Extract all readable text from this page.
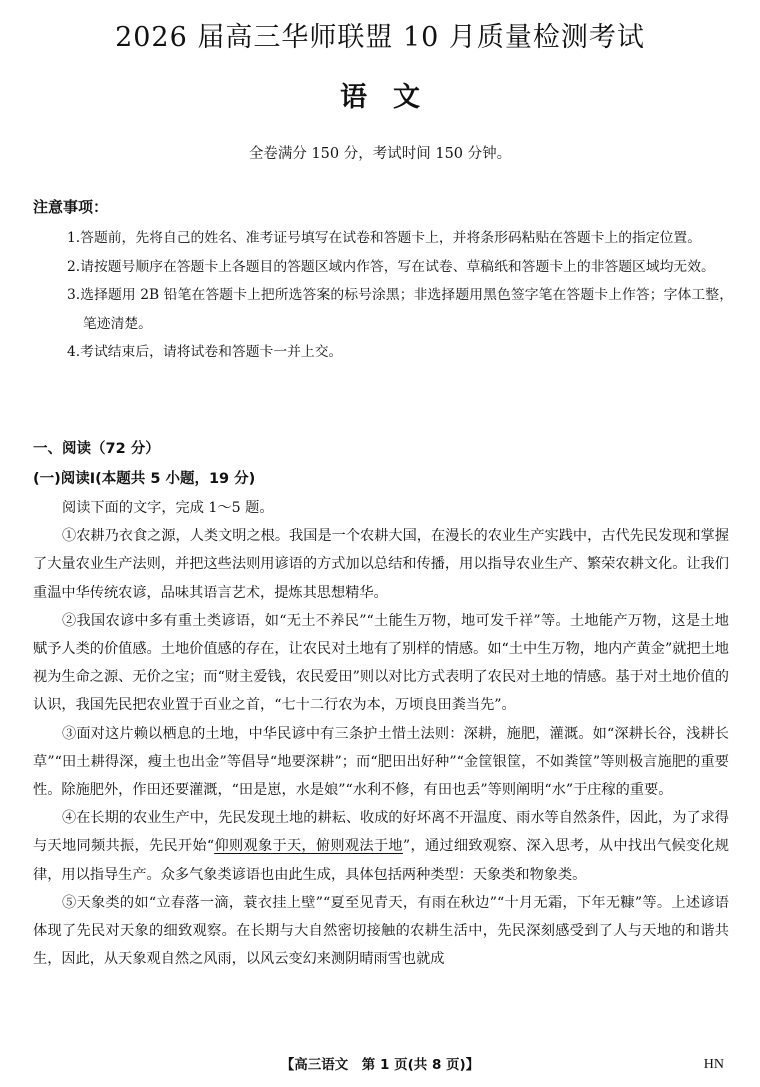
2026 届高三华师联盟 10 月质量检测考试
语文
全卷满分 150 分，考试时间 150 分钟。
注意事项：

1.答题前，先将自己的姓名、准考证号填写在试卷和答题卡上，并将条形码粘贴在答题卡上的指定位置。

2.请按题号顺序在答题卡上各题目的答题区域内作答，写在试卷、草稿纸和答题卡上的非答题区域均无效。

3.选择题用 2B 铅笔在答题卡上把所选答案的标号涂黑；非选择题用黑色签字笔在答题卡上作答；字体工整，笔迹清楚。

4.考试结束后，请将试卷和答题卡一并上交。

一、阅读（72 分）
(一)阅读Ⅰ(本题共 5 小题，19 分)

阅读下面的文字，完成 1～5 题。

①农耕乃衣食之源，人类文明之根。我国是一个农耕大国，在漫长的农业生产实践中，古代先民发现和掌握了大量农业生产法则，并把这些法则用谚语的方式加以总结和传播，用以指导农业生产、繁荣农耕文化。让我们重温中华传统农谚，品味其语言艺术，提炼其思想精华。

②我国农谚中多有重土类谚语，如“无土不养民”“土能生万物，地可发千祥”等。土地能产万物，这是土地赋予人类的价值感。土地价值感的存在，让农民对土地有了别样的情感。如“土中生万物，地内产黄金”就把土地视为生命之源、无价之宝；而“财主爱钱，农民爱田”则以对比方式表明了农民对土地的情感。基于对土地价值的认识，我国先民把农业置于百业之首，“七十二行农为本，万顷良田粪当先”。

③面对这片赖以栖息的土地，中华民谚中有三条护土惜土法则：深耕，施肥，灌溉。如“深耕长谷，浅耕长草”“田土耕得深，瘦土也出金”等倡导“地要深耕”；而“肥田出好种”“金筐银筐，不如粪筐”等则极言施肥的重要性。除施肥外，作田还要灌溉，“田是崽，水是娘”“水利不修，有田也丢”等则阐明“水”于庄稼的重要。

④在长期的农业生产中，先民发现土地的耕耘、收成的好坏离不开温度、雨水等自然条件，因此，为了求得与天地同频共振，先民开始“仰则观象于天，俯则观法于地”，通过细致观察、深入思考，从中找出气候变化规律，用以指导生产。众多气象类谚语也由此生成，具体包括两种类型：天象类和物象类。

⑤天象类的如“立春落一滴，蓑衣挂上壁”“夏至见青天，有雨在秋边”“十月无霜，下年无糠”等。上述谚语体现了先民对天象的细致观察。在长期与大自然密切接触的农耕生活中，先民深刻感受到了人与天地的和谐共生，因此，从天象观自然之风雨，以风云变幻来测阴晴雨雪也就成

【高三语文　第 1 页(共 8 页)】	HN
